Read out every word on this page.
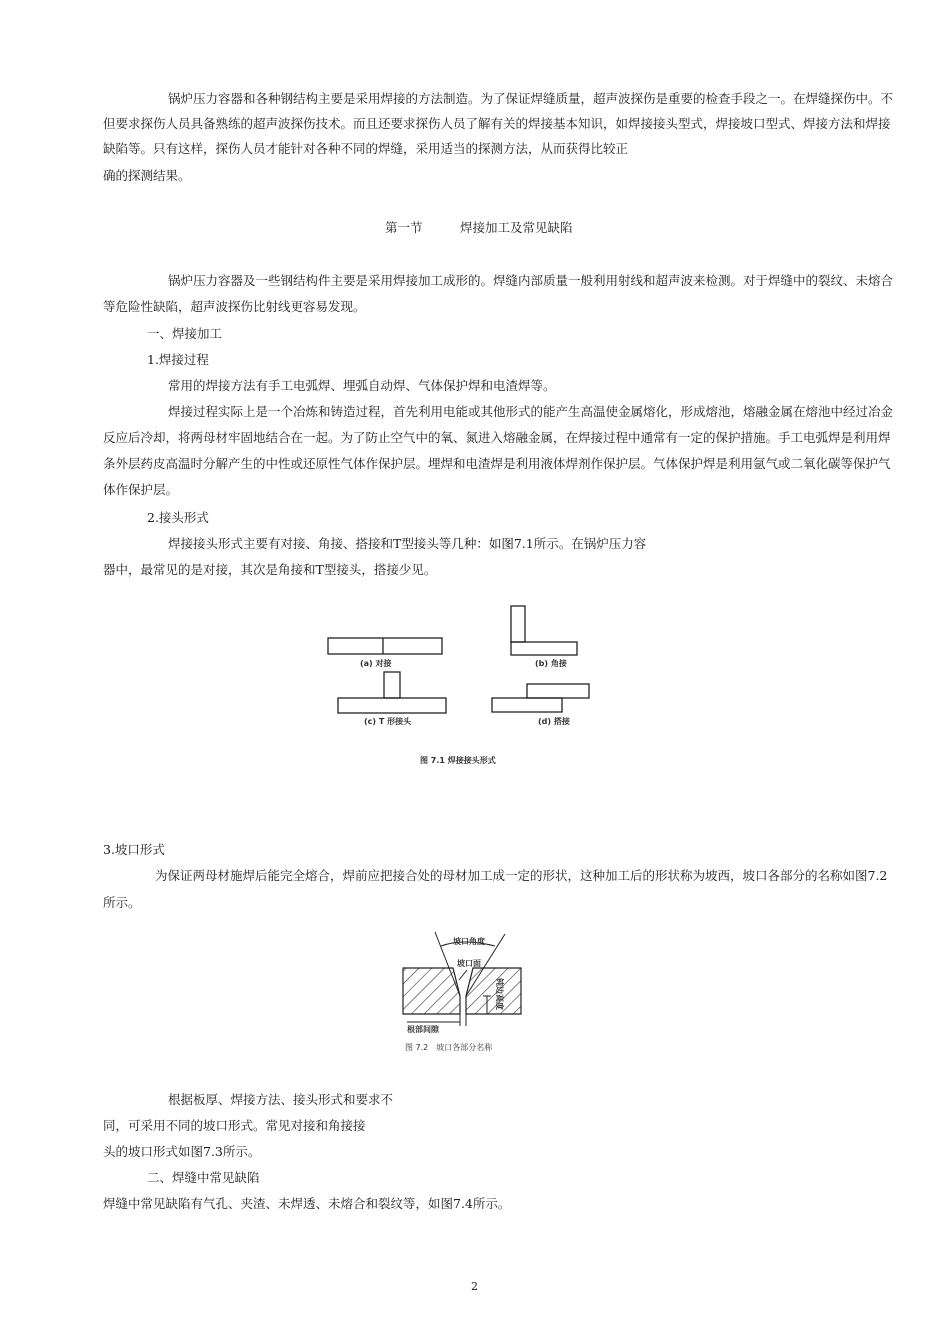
锅炉压力容器和各种钢结构主要是采用焊接的方法制造。为了保证焊缝质量，超声波探伤是重要的检查手段之一。在焊缝探伤中。不

但要求探伤人员具备熟练的超声波探伤技术。而且还要求探伤人员了解有关的焊接基本知识，如焊接接头型式，焊接坡口型式、焊接方法和焊接

缺陷等。只有这样，探伤人员才能针对各种不同的焊缝，采用适当的探测方法，从而获得比较正

确的探测结果。

第一节	焊接加工及常见缺陷

锅炉压力容器及一些钢结构件主要是采用焊接加工成形的。焊缝内部质量一般利用射线和超声波来检测。对于焊缝中的裂纹、未熔合

等危险性缺陷，超声波探伤比射线更容易发现。

一、焊接加工

1.焊接过程

常用的焊接方法有手工电弧焊、埋弧自动焊、气体保护焊和电渣焊等。

焊接过程实际上是一个冶炼和铸造过程，首先利用电能或其他形式的能产生高温使金属熔化，形成熔池，熔融金属在熔池中经过冶金

反应后冷却，将两母材牢固地结合在一起。为了防止空气中的氧、氮进入熔融金属，在焊接过程中通常有一定的保护措施。手工电弧焊是利用焊

条外层药皮高温时分解产生的中性或还原性气体作保护层。埋焊和电渣焊是利用液体焊剂作保护层。气体保护焊是利用氩气或二氧化碳等保护气

体作保护层。

2.接头形式

焊接接头形式主要有对接、角接、搭接和T型接头等几种：如图7.1所示。在锅炉压力容

器中，最常见的是对接，其次是角接和T型接头，搭接少见。

(a) 对接	(b) 角接
(c) T 形接头	(d) 搭接
图 7.1 焊接接头形式

3.坡口形式

为保证两母材施焊后能完全熔合，焊前应把接合处的母材加工成一定的形状，这种加工后的形状称为坡西，坡口各部分的名称如图7.2

所示。

坡口角度
坡口面
钝边高度
根部间隙
图 7.2　坡口各部分名称

根据板厚、焊接方法、接头形式和要求不

同，可采用不同的坡口形式。常见对接和角接接

头的坡口形式如图7.3所示。

二、焊缝中常见缺陷

焊缝中常见缺陷有气孔、夹渣、未焊透、未熔合和裂纹等，如图7.4所示。

2
